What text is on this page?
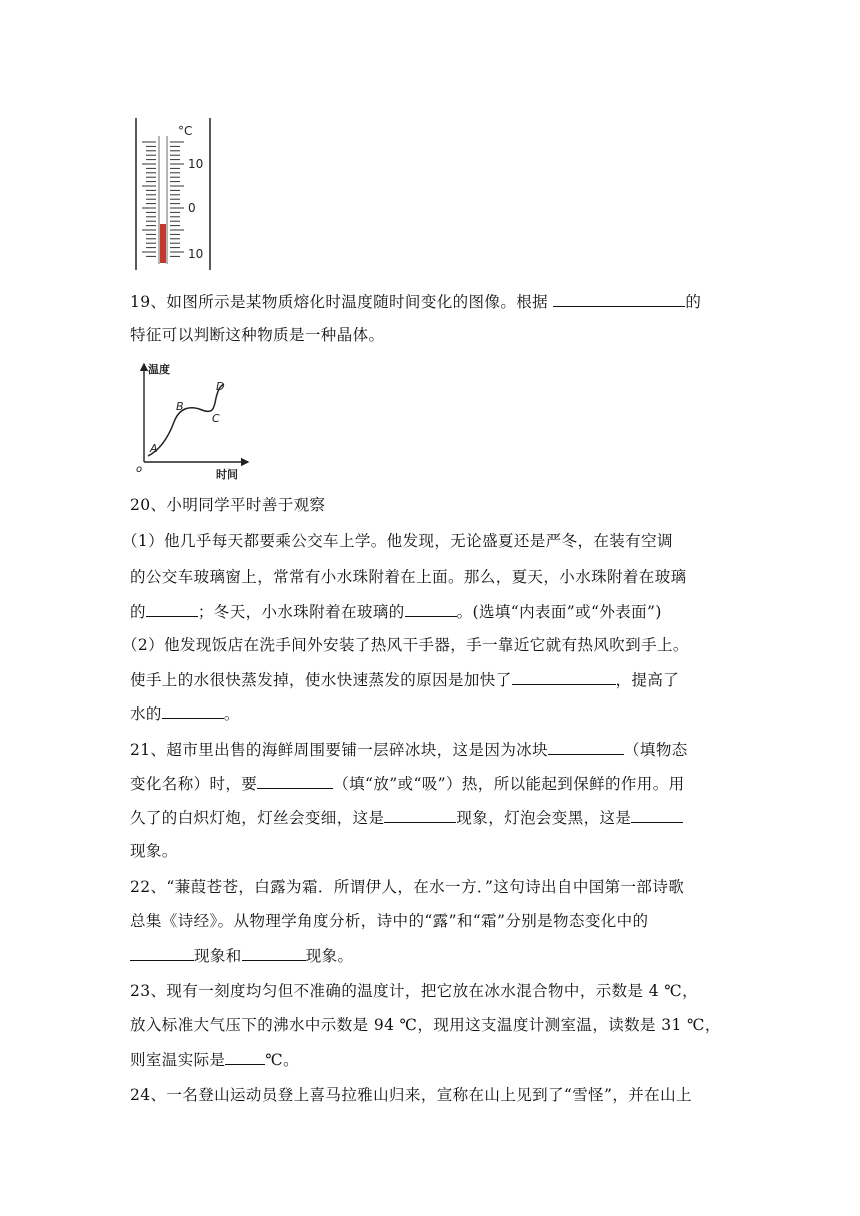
°C
10
0
10
19、如图所示是某物质熔化时温度随时间变化的图像。根据	的
特征可以判断这种物质是一种晶体。
温度
时间
o
A
B
C
D
20、小明同学平时善于观察
（1）他几乎每天都要乘公交车上学。他发现，无论盛夏还是严冬，在装有空调
的公交车玻璃窗上，常常有小水珠附着在上面。那么，夏天，小水珠附着在玻璃
的	；冬天，小水珠附着在玻璃的	。(选填“内表面”或“外表面”)
（2）他发现饭店在洗手间外安装了热风干手器，手一靠近它就有热风吹到手上。
使手上的水很快蒸发掉，使水快速蒸发的原因是加快了	，提高了
水的	。
21、超市里出售的海鲜周围要铺一层碎冰块，这是因为冰块	（填物态
变化名称）时，要	（填“放”或“吸”）热，所以能起到保鲜的作用。用
久了的白炽灯炮，灯丝会变细，这是	现象，灯泡会变黑，这是
现象。
22、“蒹葭苍苍，白露为霜．所谓伊人，在水一方．”这句诗出自中国第一部诗歌
总集《诗经》。从物理学角度分析，诗中的“露”和“霜”分别是物态变化中的
现象和	现象。
23、现有一刻度均匀但不准确的温度计，把它放在冰水混合物中，示数是 4 ℃，
放入标准大气压下的沸水中示数是 94 ℃，现用这支温度计测室温，读数是 31 ℃，
则室温实际是	℃。
24、一名登山运动员登上喜马拉雅山归来，宣称在山上见到了“雪怪”，并在山上
